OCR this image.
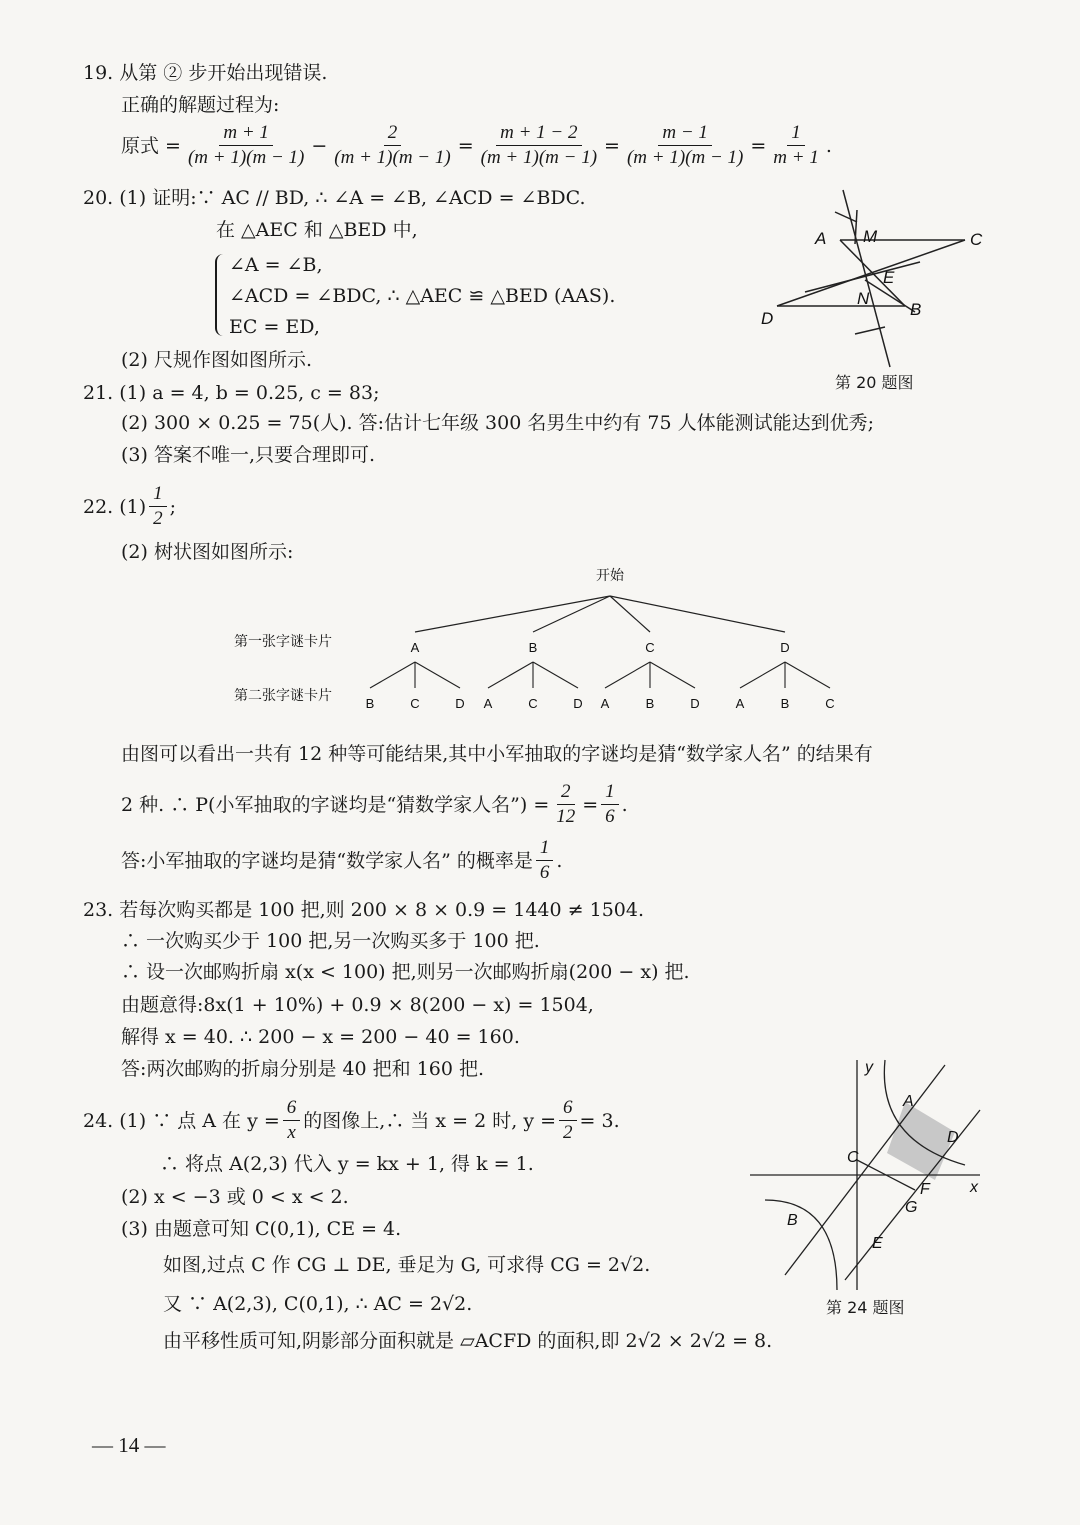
19. 从第 ② 步开始出现错误.
正确的解题过程为:
原式 = $\frac{m + 1}{(m + 1)(m - 1)} - \frac{2}{(m + 1)(m - 1)} = \frac{m + 1 - 2}{(m + 1)(m - 1)} = \frac{m - 1}{(m + 1)(m - 1)} = \frac{1}{m + 1}$ .
20. (1) 证明:∵ AC // BD, ∴ ∠A = ∠B, ∠ACD = ∠BDC.
在 △AEC 和 △BED 中,
∠A = ∠B,
∠ACD = ∠BDC, ∴ △AEC ≌ △BED (AAS).
EC = ED,
(2) 尺规作图如图所示.
A M	C
E
N
B
D
第 20 题图
21. (1) a = 4, b = 0.25, c = 83;
(2) 300 × 0.25 = 75(人). 答:估计七年级 300 名男生中约有 75 人体能测试能达到优秀;
(3) 答案不唯一,只要合理即可.
22. $(1) \frac{1}{2}$ ;
(2) 树状图如图所示:
开始
第一张字谜卡片
第二张字谜卡片
A
B	C	D
B
A	C	D
C
A	B	D
D
A	B	C
由图可以看出一共有 12 种等可能结果,其中小军抽取的字谜均是猜“数学家人名” 的结果有
2 种. ∴ P(小军抽取的字谜均是“猜数学家人名”) = $\frac{2}{12} = \frac{1}{6}$ .
答:小军抽取的字谜均是猜“数学家人名” 的概率是 $\frac{1}{6}$ .
23. 若每次购买都是 100 把,则 200 × 8 × 0.9 = 1440 ≠ 1504.
∴ 一次购买少于 100 把,另一次购买多于 100 把.
∴ 设一次邮购折扇 x(x < 100) 把,则另一次邮购折扇(200 − x) 把.
由题意得:8x(1 + 10%) + 0.9 × 8(200 − x) = 1504,
解得 x = 40. ∴ 200 − x = 200 − 40 = 160.
答:两次邮购的折扇分别是 40 把和 160 把.
24. (1) ∵ 点 A 在 $y = \frac{6}{x}$ 的图像上,∴ 当 x = 2 时, $y = \frac{6}{2} = 3$.
∴ 将点 A(2,3) 代入 y = kx + 1, 得 k = 1.
(2) x < −3 或 0 < x < 2.
(3) 由题意可知 C(0,1), CE = 4.
如图,过点 C 作 CG ⊥ DE, 垂足为 G, 可求得 CG = 2√2.
又 ∵ A(2,3), C(0,1), ∴ AC = 2√2.
由平移性质可知,阴影部分面积就是 ▱ACFD 的面积,即 2√2 × 2√2 = 8.
y
x
A
D
C
F
G
B
E
第 24 题图
— 14 —
